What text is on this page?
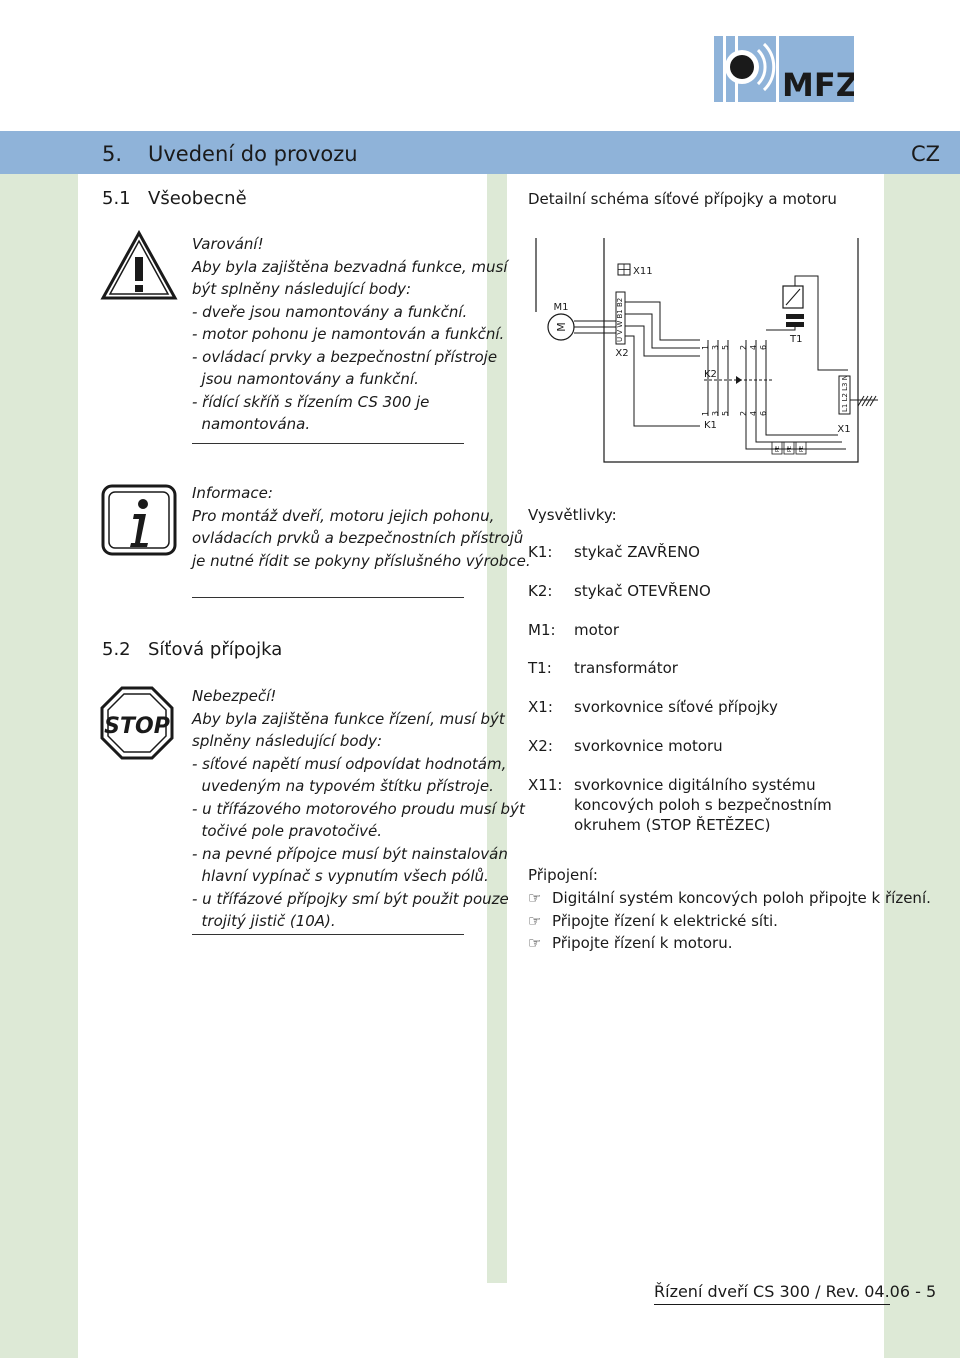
MFZ
5. Uvedení do provozu	CZ
5.1 Všeobecně
Varování!
Aby byla zajištěna bezvadná funkce, musí
být splněny následující body:
- dveře jsou namontovány a funkční.
- motor pohonu je namontován a funkční.
- ovládací prvky a bezpečnostní přístroje
jsou namontovány a funkční.
- řídící skříň s řízením CS 300 je
namontována.
Informace:
Pro montáž dveří, motoru jejich pohonu,
ovládacích prvků a bezpečnostních přístrojů
je nutné řídit se pokyny příslušného výrobce.
5.2 Síťová přípojka
STOP
Nebezpečí!
Aby byla zajištěna funkce řízení, musí být
splněny následující body:
- síťové napětí musí odpovídat hodnotám,
uvedeným na typovém štítku přístroje.
- u třífázového motorového proudu musí být
točivé pole pravotočivé.
- na pevné přípojce musí být nainstalován
hlavní vypínač s vypnutím všech pólů.
- u třífázové přípojky smí být použit pouze
trojitý jistič (10A).
Detailní schéma síťové přípojky a motoru
M
M1	U V W B1 B2
X2
X11
1 3 5 2 4 6
1 3 5 2 4 6
K2
K1
T1
L1 L2 L3 N
X1
PE PE PE
Vysvětlivky:
K1:	stykač ZAVŘENO
K2:	stykač OTEVŘENO
M1:	motor
T1:	transformátor
X1:	svorkovnice síťové přípojky
X2:	svorkovnice motoru
X11: svorkovnice digitálního systému koncových poloh s bezpečnostním okruhem (STOP ŘETĚZEC)
Připojení:
☞ Digitální systém koncových poloh připojte k řízení.
☞ Připojte řízení k elektrické síti.
☞ Připojte řízení k motoru.
Řízení dveří CS 300 / Rev. 04.06 - 5
